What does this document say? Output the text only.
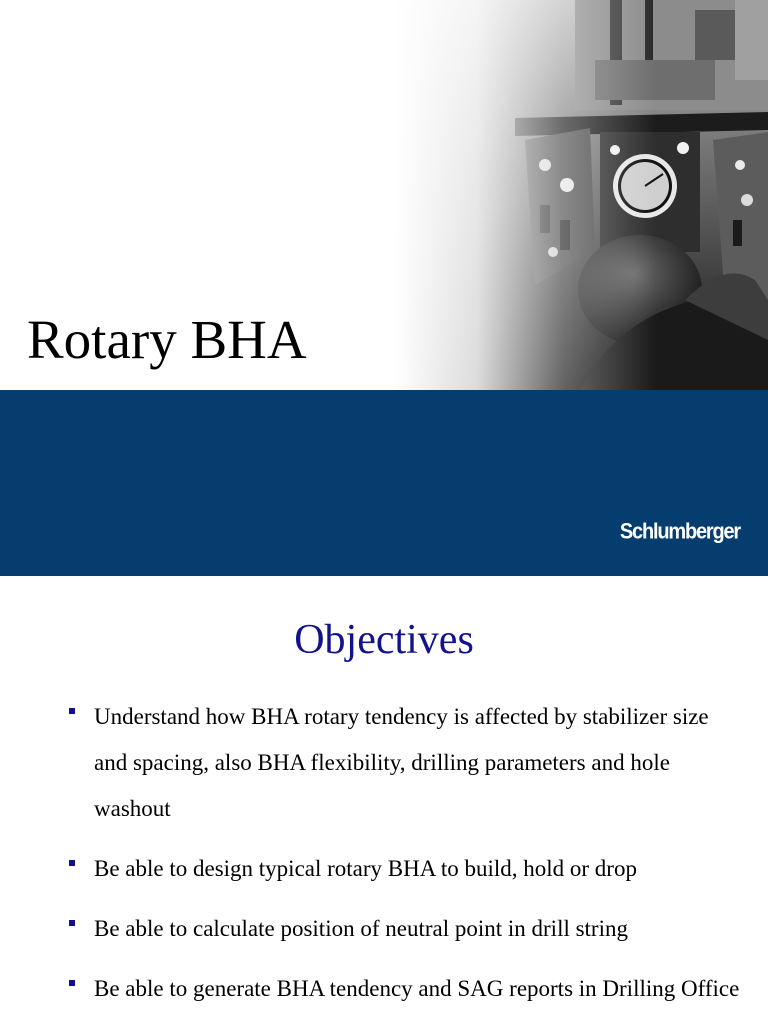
Rotary BHA
Schlumberger
Objectives
Understand how BHA rotary tendency is affected by stabilizer size and spacing, also BHA flexibility, drilling parameters and hole washout
Be able to design typical rotary BHA to build, hold or drop
Be able to calculate position of neutral point in drill string
Be able to generate BHA tendency and SAG reports in Drilling Office
